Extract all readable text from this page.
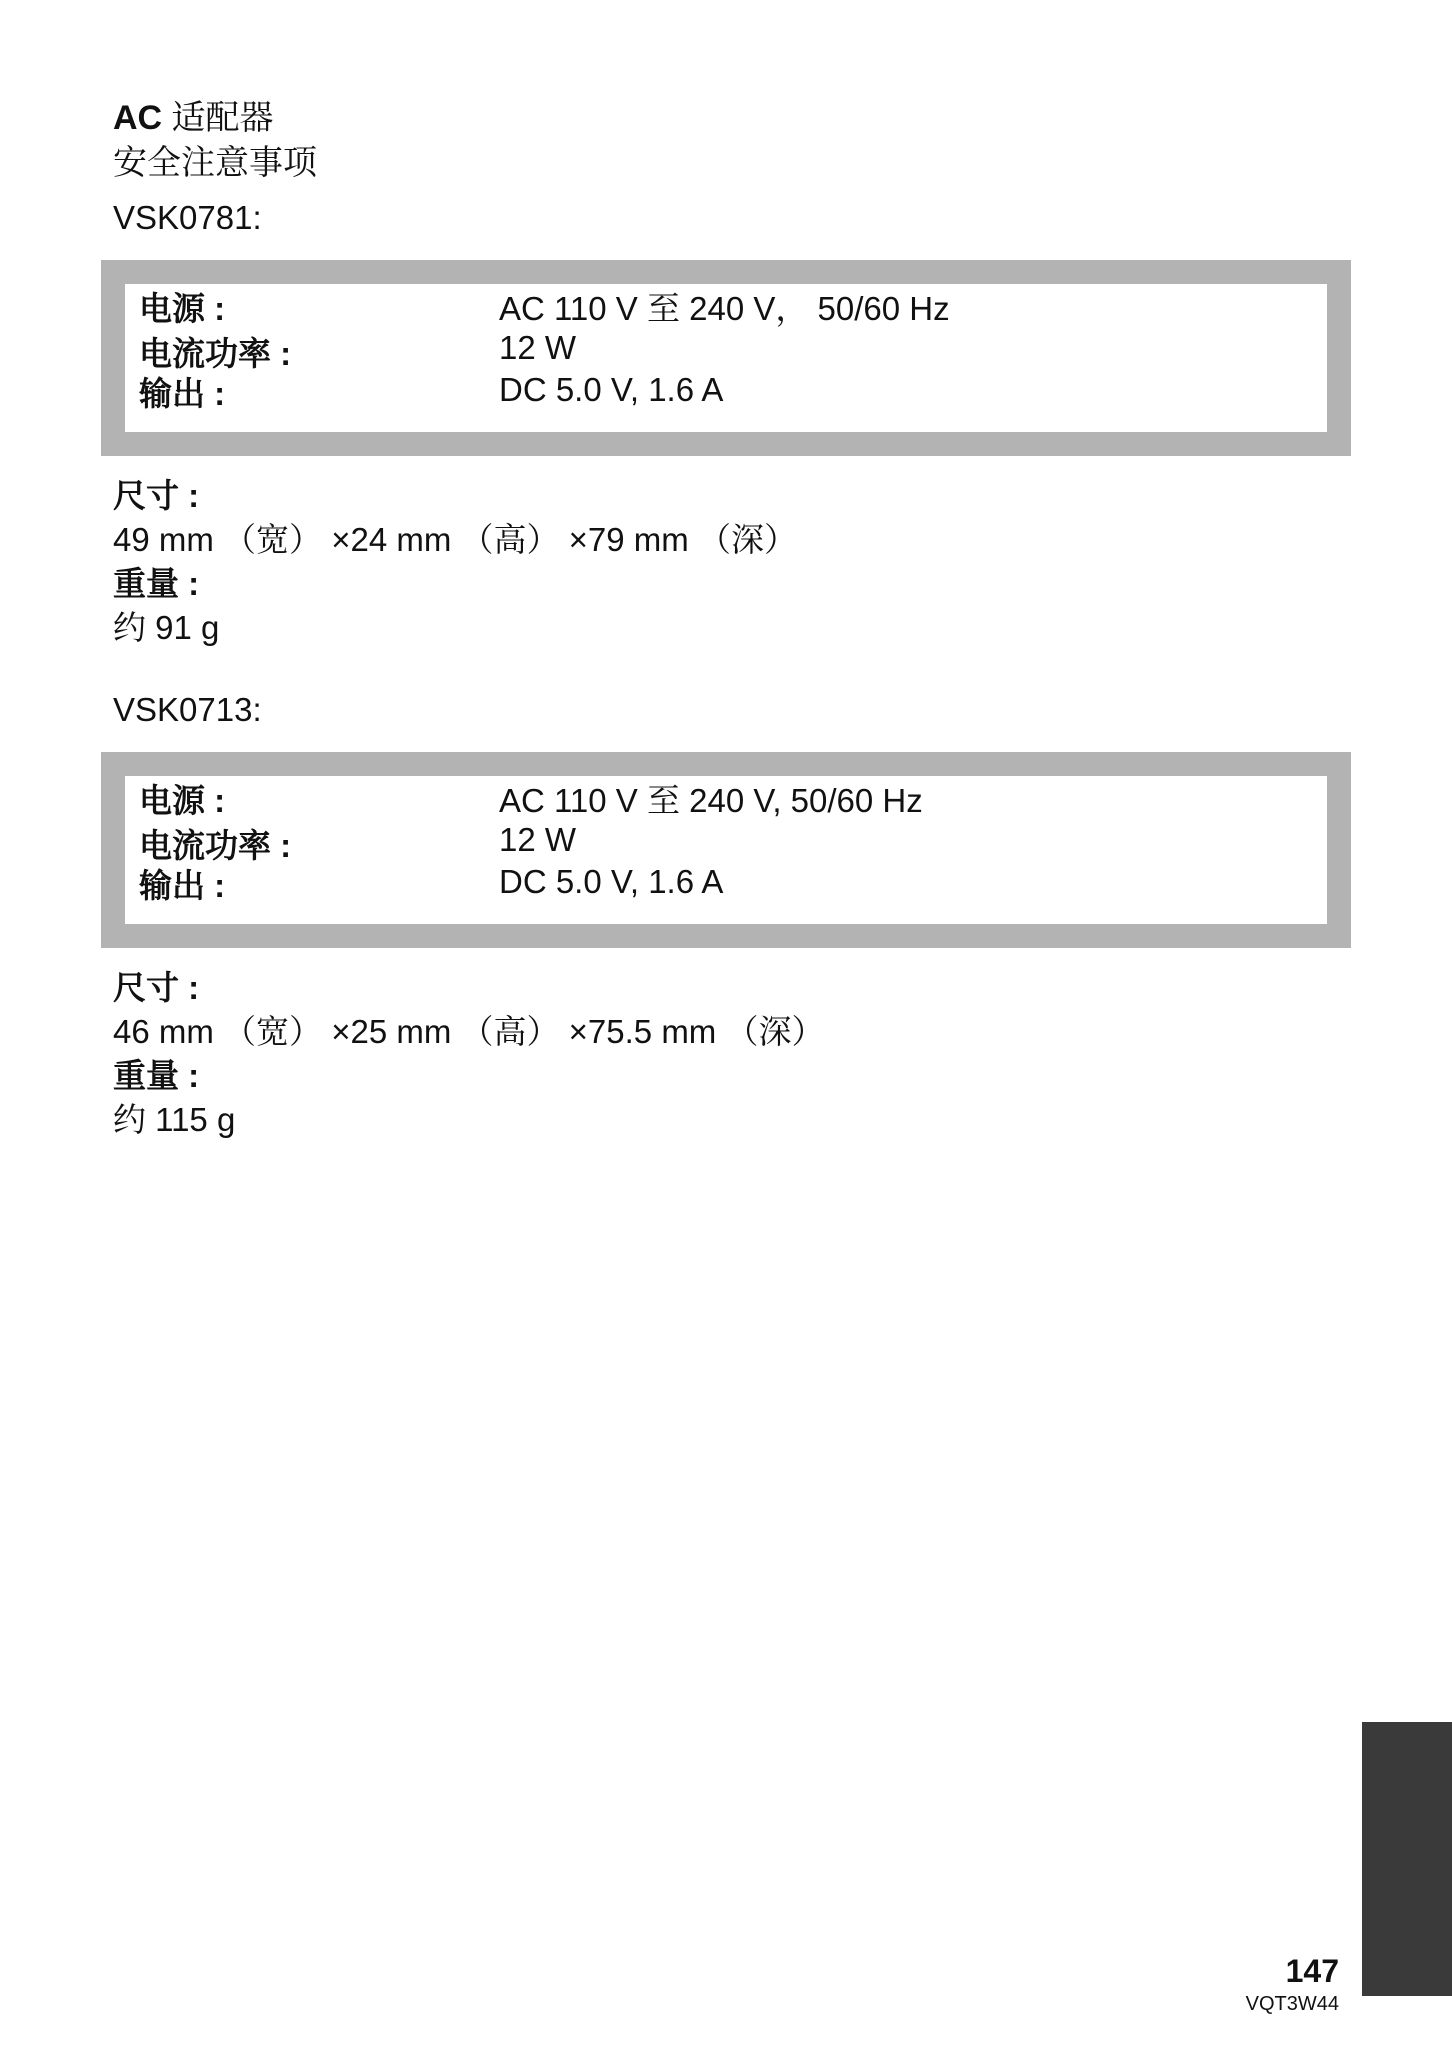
AC 适配器
安全注意事项
VSK0781:
电源 :	AC 110 V 至 240 V， 50/60 Hz
电流功率 :	12 W
输出 :	DC 5.0 V, 1.6 A
尺寸 :
49 mm （宽） ×24 mm （高） ×79 mm （深）
重量 :
约 91 g
VSK0713:
电源 :	AC 110 V 至 240 V, 50/60 Hz
电流功率 :	12 W
输出 :	DC 5.0 V, 1.6 A
尺寸 :
46 mm （宽） ×25 mm （高） ×75.5 mm （深）
重量 :
约 115 g
147
VQT3W44
